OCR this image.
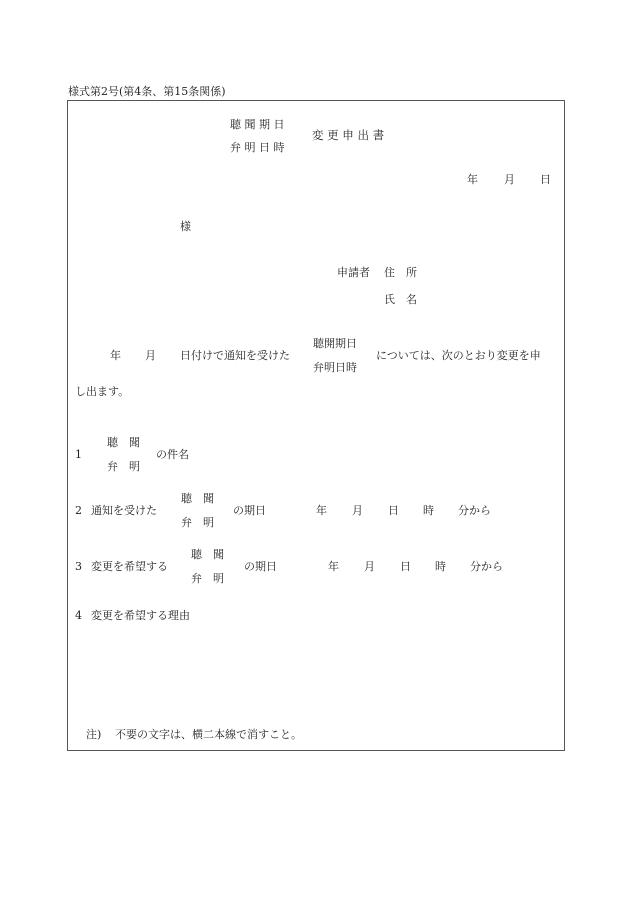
様式第2号(第4条、第15条関係)
聴 聞 期 日
弁 明 日 時
変 更 申 出 書
年 月 日
様
申請者 住　所
氏　名
年 月 日付けで通知を受けた
聴開期日
弁明日時
については、次のとおり変更を申
し出ます。
1
聴　聞
弁　明
の件名
2 通知を受けた
聴　聞
弁　明
の期日	年 月 日 時 分から
3 変更を希望する
聴　聞
弁　明
の期日	年 月 日 時 分から
4 変更を希望する理由
注) 不要の文字は、横二本線で消すこと。
